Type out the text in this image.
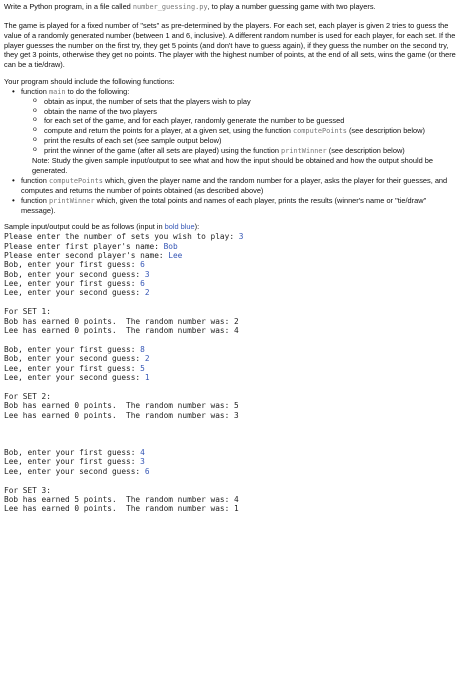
Write a Python program, in a file called number_guessing.py, to play a number guessing game with two players.

The game is played for a fixed number of "sets" as pre-determined by the players. For each set, each player is given 2 tries to guess the value of a randomly generated number (between 1 and 6, inclusive). A different random number is used for each player, for each set. If the player guesses the number on the first try, they get 5 points (and don't have to guess again), if they guess the number on the second try, they get 3 points, otherwise they get no points. The player with the highest number of points, at the end of all sets, wins the game (or there can be a tie/draw).

Your program should include the following functions:

• function main to do the following:
o obtain as input, the number of sets that the players wish to play
o obtain the name of the two players
o for each set of the game, and for each player, randomly generate the number to be guessed
o compute and return the points for a player, at a given set, using the function computePoints (see description below)
o print the results of each set (see sample output below)
o print the winner of the game (after all sets are played) using the function printWinner (see description below)

Note: Study the given sample input/output to see what and how the input should be obtained and how the output should be generated.

• function computePoints which, given the player name and the random number for a player, asks the player for their guesses, and computes and returns the number of points obtained (as described above)
• function printWinner which, given the total points and names of each player, prints the results (winner's name or "tie/draw" message).

Sample input/output could be as follows (input in bold blue):

Please enter the number of sets you wish to play: 3
Please enter first player's name: Bob
Please enter second player's name: Lee
Bob, enter your first guess: 6
Bob, enter your second guess: 3
Lee, enter your first guess: 6
Lee, enter your second guess: 2
For SET 1:
Bob has earned 0 points.  The random number was: 2
Lee has earned 0 points.  The random number was: 4
Bob, enter your first guess: 8
Bob, enter your second guess: 2
Lee, enter your first guess: 5
Lee, enter your second guess: 1
For SET 2:
Bob has earned 0 points.  The random number was: 5
Lee has earned 0 points.  The random number was: 3
Bob, enter your first guess: 4
Lee, enter your first guess: 3
Lee, enter your second guess: 6
For SET 3:
Bob has earned 5 points.  The random number was: 4
Lee has earned 0 points.  The random number was: 1
